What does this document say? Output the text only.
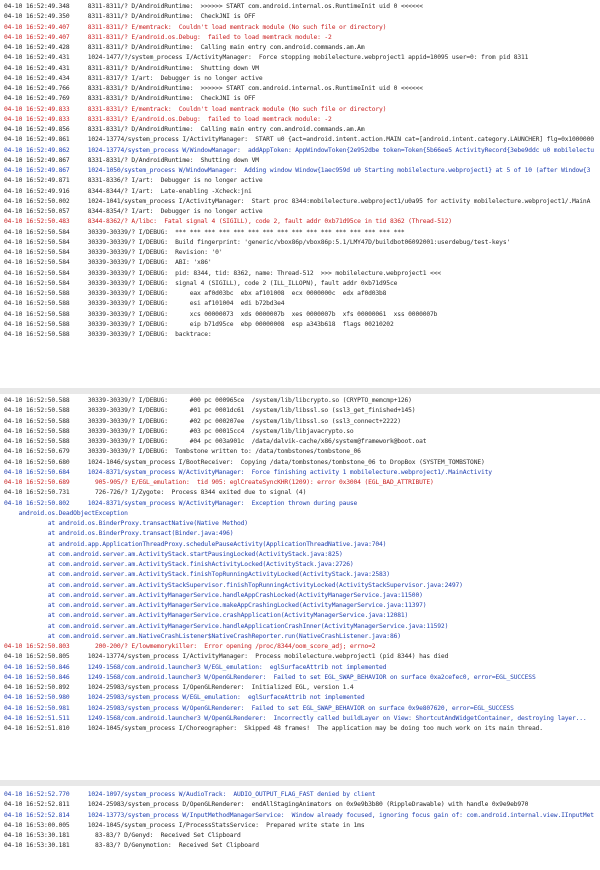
04-10 16:52:49.348     8311-8311/? D/AndroidRuntime:  >>>>>> START com.android.internal.os.RuntimeInit uid 0 <<<<<<
04-10 16:52:49.350     8311-8311/? D/AndroidRuntime:  CheckJNI is OFF
04-10 16:52:49.407     8311-8311/? E/memtrack:  Couldn't load memtrack module (No such file or directory)
04-10 16:52:49.407     8311-8311/? E/android.os.Debug:  failed to load memtrack module: -2
04-10 16:52:49.428     8311-8311/? D/AndroidRuntime:  Calling main entry com.android.commands.am.Am
04-10 16:52:49.431     1024-1477/?/system_process I/ActivityManager:  Force stopping mobilelecture.webproject1 appid=10095 user=0: from pid 8311
04-10 16:52:49.431     8311-8311/? D/AndroidRuntime:  Shutting down VM
04-10 16:52:49.434     8311-8317/? I/art:  Debugger is no longer active
04-10 16:52:49.766     8331-8331/? D/AndroidRuntime:  >>>>>> START com.android.internal.os.RuntimeInit uid 0 <<<<<<
04-10 16:52:49.769     8331-8331/? D/AndroidRuntime:  CheckJNI is OFF
04-10 16:52:49.833     8331-8331/? E/memtrack:  Couldn't load memtrack module (No such file or directory)
04-10 16:52:49.833     8331-8331/? E/android.os.Debug:  failed to load memtrack module: -2
04-10 16:52:49.856     8331-8331/? D/AndroidRuntime:  Calling main entry com.android.commands.am.Am
04-10 16:52:49.861     1024-13774/system_process I/ActivityManager:  START u0 {act=android.intent.action.MAIN cat=[android.intent.category.LAUNCHER] flg=0x1000000
04-10 16:52:49.862     1024-13774/system_process W/WindowManager:  addAppToken: AppWindowToken{2e952dbe token=Token{5b66ee5 ActivityRecord{3ebe9ddc u0 mobilelectu
04-10 16:52:49.867     8331-8331/? D/AndroidRuntime:  Shutting down VM
04-10 16:52:49.867     1024-1050/system_process W/WindowManager:  Adding window Window{1aec959d u0 Starting mobilelecture.webproject1} at 5 of 10 (after Window{3
04-10 16:52:49.871     8331-8336/? I/art:  Debugger is no longer active
04-10 16:52:49.916     8344-8344/? I/art:  Late-enabling -Xcheck:jni
04-10 16:52:50.002     1024-1041/system_process I/ActivityManager:  Start proc 8344:mobilelecture.webproject1/u0a95 for activity mobilelecture.webproject1/.MainA
04-10 16:52:50.057     8344-8354/? I/art:  Debugger is no longer active
04-10 16:52:50.483     8344-8362/? A/libc:  Fatal signal 4 (SIGILL), code 2, fault addr 0xb71d95ce in tid 8362 (Thread-512)
04-10 16:52:50.584     30339-30339/? I/DEBUG:  *** *** *** *** *** *** *** *** *** *** *** *** *** *** *** ***
04-10 16:52:50.584     30339-30339/? I/DEBUG:  Build fingerprint: 'generic/vbox86p/vbox86p:5.1/LMY47D/buildbot06092001:userdebug/test-keys'
04-10 16:52:50.584     30339-30339/? I/DEBUG:  Revision: '0'
04-10 16:52:50.584     30339-30339/? I/DEBUG:  ABI: 'x86'
04-10 16:52:50.584     30339-30339/? I/DEBUG:  pid: 8344, tid: 8362, name: Thread-512  >>> mobilelecture.webproject1 <<<
04-10 16:52:50.584     30339-30339/? I/DEBUG:  signal 4 (SIGILL), code 2 (ILL_ILLOPN), fault addr 0xb71d95ce
04-10 16:52:50.588     30339-30339/? I/DEBUG:      eax af0d03bc  ebx af101008  ecx 0000000c  edx af0d03b8
04-10 16:52:50.588     30339-30339/? I/DEBUG:      esi af101004  edi b72bd3e4
04-10 16:52:50.588     30339-30339/? I/DEBUG:      xcs 00000073  xds 0000007b  xes 0000007b  xfs 00000061  xss 0000007b
04-10 16:52:50.588     30339-30339/? I/DEBUG:      eip b71d95ce  ebp 00000008  esp a343b618  flags 00210202
04-10 16:52:50.588     30339-30339/? I/DEBUG:  backtrace:
04-10 16:52:50.588     30339-30339/? I/DEBUG:      #00 pc 000965ce  /system/lib/libcrypto.so (CRYPTO_memcmp+126)
04-10 16:52:50.588     30339-30339/? I/DEBUG:      #01 pc 0001dc61  /system/lib/libssl.so (ssl3_get_finished+145)
04-10 16:52:50.588     30339-30339/? I/DEBUG:      #02 pc 000207ee  /system/lib/libssl.so (ssl3_connect+2222)
04-10 16:52:50.588     30339-30339/? I/DEBUG:      #03 pc 00015cc4  /system/lib/libjavacrypto.so
04-10 16:52:50.588     30339-30339/? I/DEBUG:      #04 pc 003a901c  /data/dalvik-cache/x86/system@framework@boot.oat
04-10 16:52:50.679     30339-30339/? I/DEBUG:  Tombstone written to: /data/tombstones/tombstone_06
04-10 16:52:50.680     1024-1046/system_process I/BootReceiver:  Copying /data/tombstones/tombstone_06 to DropBox (SYSTEM_TOMBSTONE)
04-10 16:52:50.684     1024-8371/system_process W/ActivityManager:  Force finishing activity 1 mobilelecture.webproject1/.MainActivity
04-10 16:52:50.689       905-905/? E/EGL_emulation:  tid 905: eglCreateSyncKHR(1209): error 0x3004 (EGL_BAD_ATTRIBUTE)
04-10 16:52:50.731       726-726/? I/Zygote:  Process 8344 exited due to signal (4)
04-10 16:52:50.802     1024-8371/system_process W/ActivityManager:  Exception thrown during pause
android.os.DeadObjectException
at android.os.BinderProxy.transactNative(Native Method)
at android.os.BinderProxy.transact(Binder.java:496)
at android.app.ApplicationThreadProxy.schedulePauseActivity(ApplicationThreadNative.java:704)
at com.android.server.am.ActivityStack.startPausingLocked(ActivityStack.java:825)
at com.android.server.am.ActivityStack.finishActivityLocked(ActivityStack.java:2726)
at com.android.server.am.ActivityStack.finishTopRunningActivityLocked(ActivityStack.java:2583)
at com.android.server.am.ActivityStackSupervisor.finishTopRunningActivityLocked(ActivityStackSupervisor.java:2497)
at com.android.server.am.ActivityManagerService.handleAppCrashLocked(ActivityManagerService.java:11500)
at com.android.server.am.ActivityManagerService.makeAppCrashingLocked(ActivityManagerService.java:11397)
at com.android.server.am.ActivityManagerService.crashApplication(ActivityManagerService.java:12081)
at com.android.server.am.ActivityManagerService.handleApplicationCrashInner(ActivityManagerService.java:11592)
at com.android.server.am.NativeCrashListener$NativeCrashReporter.run(NativeCrashListener.java:86)
04-10 16:52:50.803       200-200/? E/lowmemorykiller:  Error opening /proc/8344/oom_score_adj; errno=2
04-10 16:52:50.805     1024-13774/system_process I/ActivityManager:  Process mobilelecture.webproject1 (pid 8344) has died
04-10 16:52:50.846     1249-1568/com.android.launcher3 W/EGL_emulation:  eglSurfaceAttrib not implemented
04-10 16:52:50.846     1249-1568/com.android.launcher3 W/OpenGLRenderer:  Failed to set EGL_SWAP_BEHAVIOR on surface 0xa2cefec0, error=EGL_SUCCESS
04-10 16:52:50.892     1024-25983/system_process I/OpenGLRenderer:  Initialized EGL, version 1.4
04-10 16:52:50.980     1024-25983/system_process W/EGL_emulation:  eglSurfaceAttrib not implemented
04-10 16:52:50.981     1024-25983/system_process W/OpenGLRenderer:  Failed to set EGL_SWAP_BEHAVIOR on surface 0x9e807620, error=EGL_SUCCESS
04-10 16:52:51.511     1249-1568/com.android.launcher3 W/OpenGLRenderer:  Incorrectly called buildLayer on View: ShortcutAndWidgetContainer, destroying layer...
04-10 16:52:51.810     1024-1045/system_process I/Choreographer:  Skipped 48 frames!  The application may be doing too much work on its main thread.
04-10 16:52:52.770     1024-1097/system_process W/AudioTrack:  AUDIO_OUTPUT_FLAG_FAST denied by client
04-10 16:52:52.811     1024-25983/system_process D/OpenGLRenderer:  endAllStagingAnimators on 0x9e9b3b80 (RippleDrawable) with handle 0x9e9eb970
04-10 16:52:52.814     1024-13773/system_process W/InputMethodManagerService:  Window already focused, ignoring focus gain of: com.android.internal.view.IInputMet
04-10 16:53:00.005     1024-1045/system_process I/ProcessStatsService:  Prepared write state in 1ms
04-10 16:53:30.181       83-83/? D/Genyd:  Received Set Clipboard
04-10 16:53:30.181       83-83/? D/Genymotion:  Received Set Clipboard
